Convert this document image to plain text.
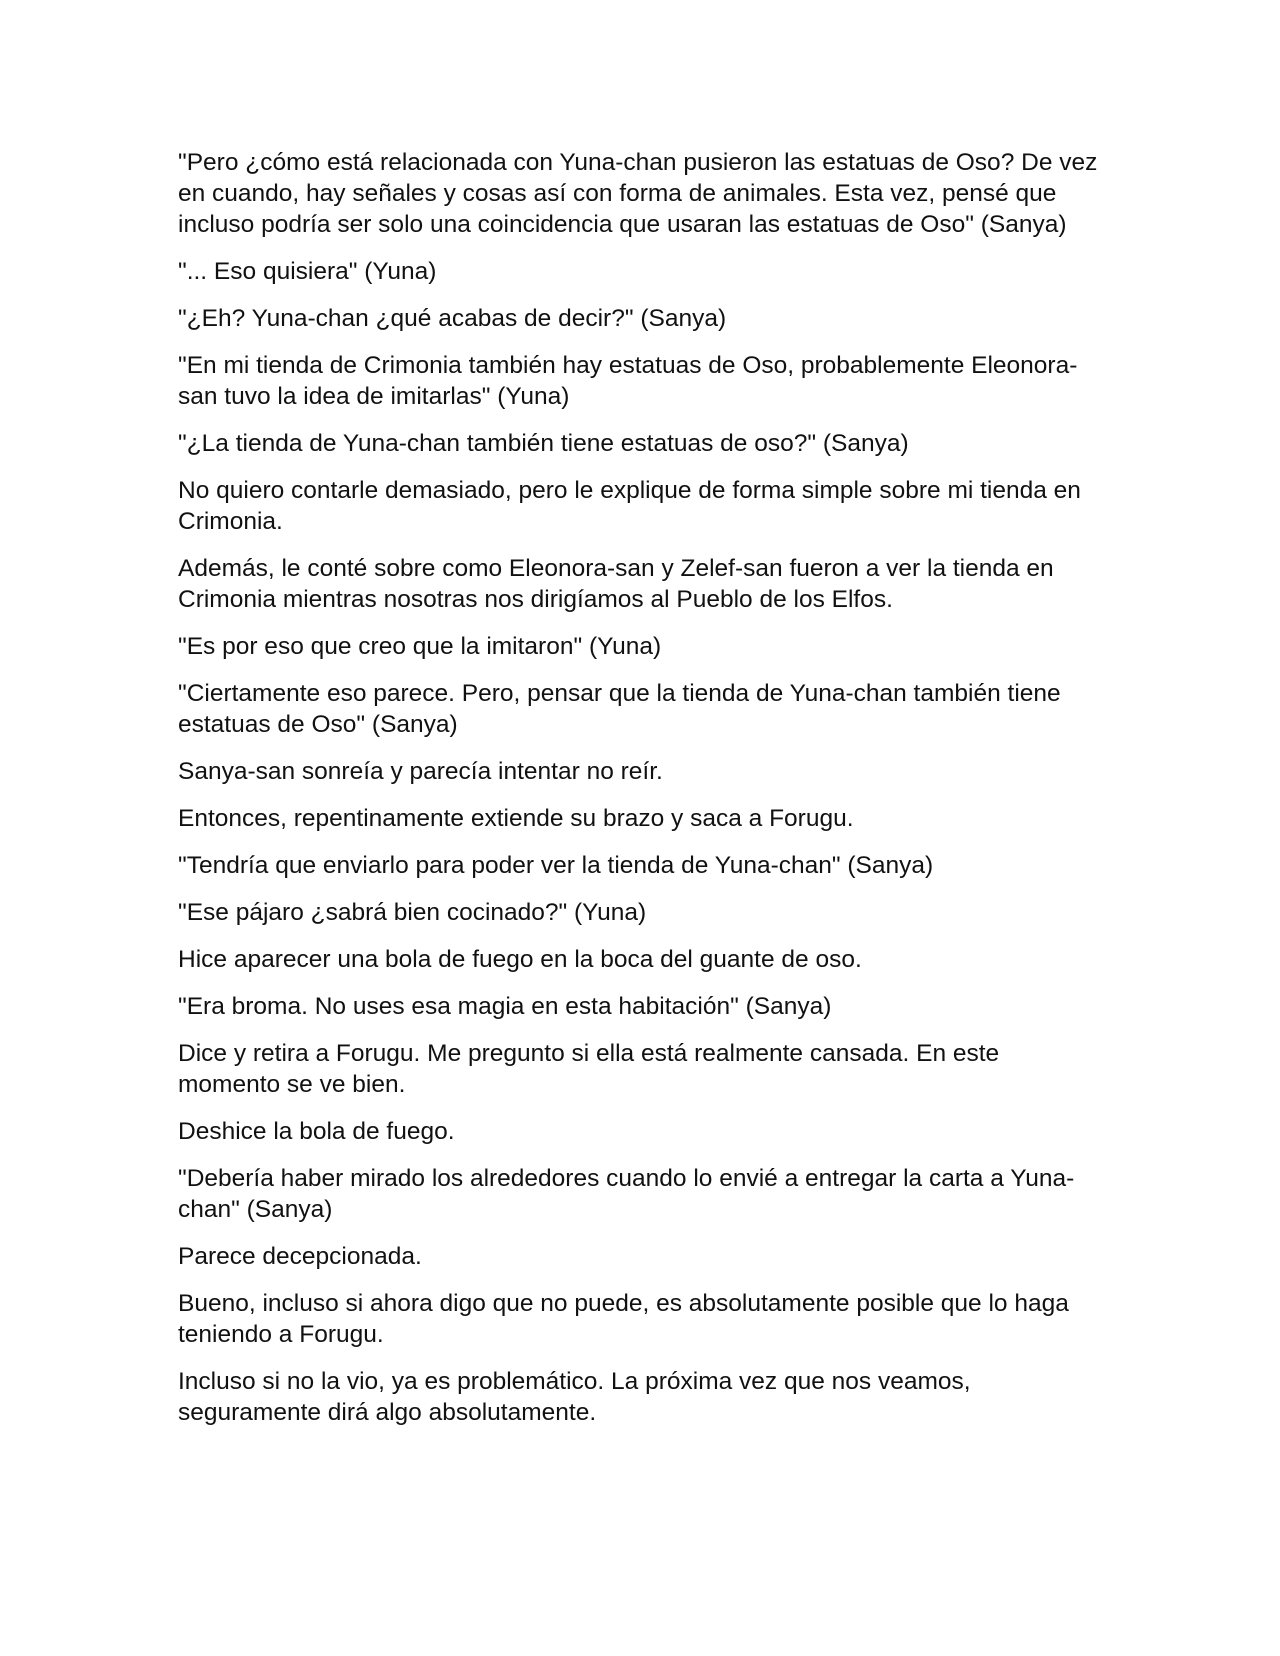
"Pero ¿cómo está relacionada con Yuna-chan pusieron las estatuas de Oso? De vez en cuando, hay señales y cosas así con forma de animales. Esta vez, pensé que incluso podría ser solo una coincidencia que usaran las estatuas de Oso" (Sanya)

"... Eso quisiera" (Yuna)

"¿Eh? Yuna-chan ¿qué acabas de decir?" (Sanya)

"En mi tienda de Crimonia también hay estatuas de Oso, probablemente Eleonora-san tuvo la idea de imitarlas" (Yuna)

"¿La tienda de Yuna-chan también tiene estatuas de oso?" (Sanya)

No quiero contarle demasiado, pero le explique de forma simple sobre mi tienda en Crimonia.

Además, le conté sobre como Eleonora-san y Zelef-san fueron a ver la tienda en Crimonia mientras nosotras nos dirigíamos al Pueblo de los Elfos.

"Es por eso que creo que la imitaron" (Yuna)

"Ciertamente eso parece. Pero, pensar que la tienda de Yuna-chan también tiene estatuas de Oso" (Sanya)

Sanya-san sonreía y parecía intentar no reír.

Entonces, repentinamente extiende su brazo y saca a Forugu.

"Tendría que enviarlo para poder ver la tienda de Yuna-chan" (Sanya)

"Ese pájaro ¿sabrá bien cocinado?" (Yuna)

Hice aparecer una bola de fuego en la boca del guante de oso.

"Era broma. No uses esa magia en esta habitación" (Sanya)

Dice y retira a Forugu. Me pregunto si ella está realmente cansada. En este momento se ve bien.

Deshice la bola de fuego.

"Debería haber mirado los alrededores cuando lo envié a entregar la carta a Yuna-chan" (Sanya)

Parece decepcionada.

Bueno, incluso si ahora digo que no puede, es absolutamente posible que lo haga teniendo a Forugu.

Incluso si no la vio, ya es problemático. La próxima vez que nos veamos, seguramente dirá algo absolutamente.
